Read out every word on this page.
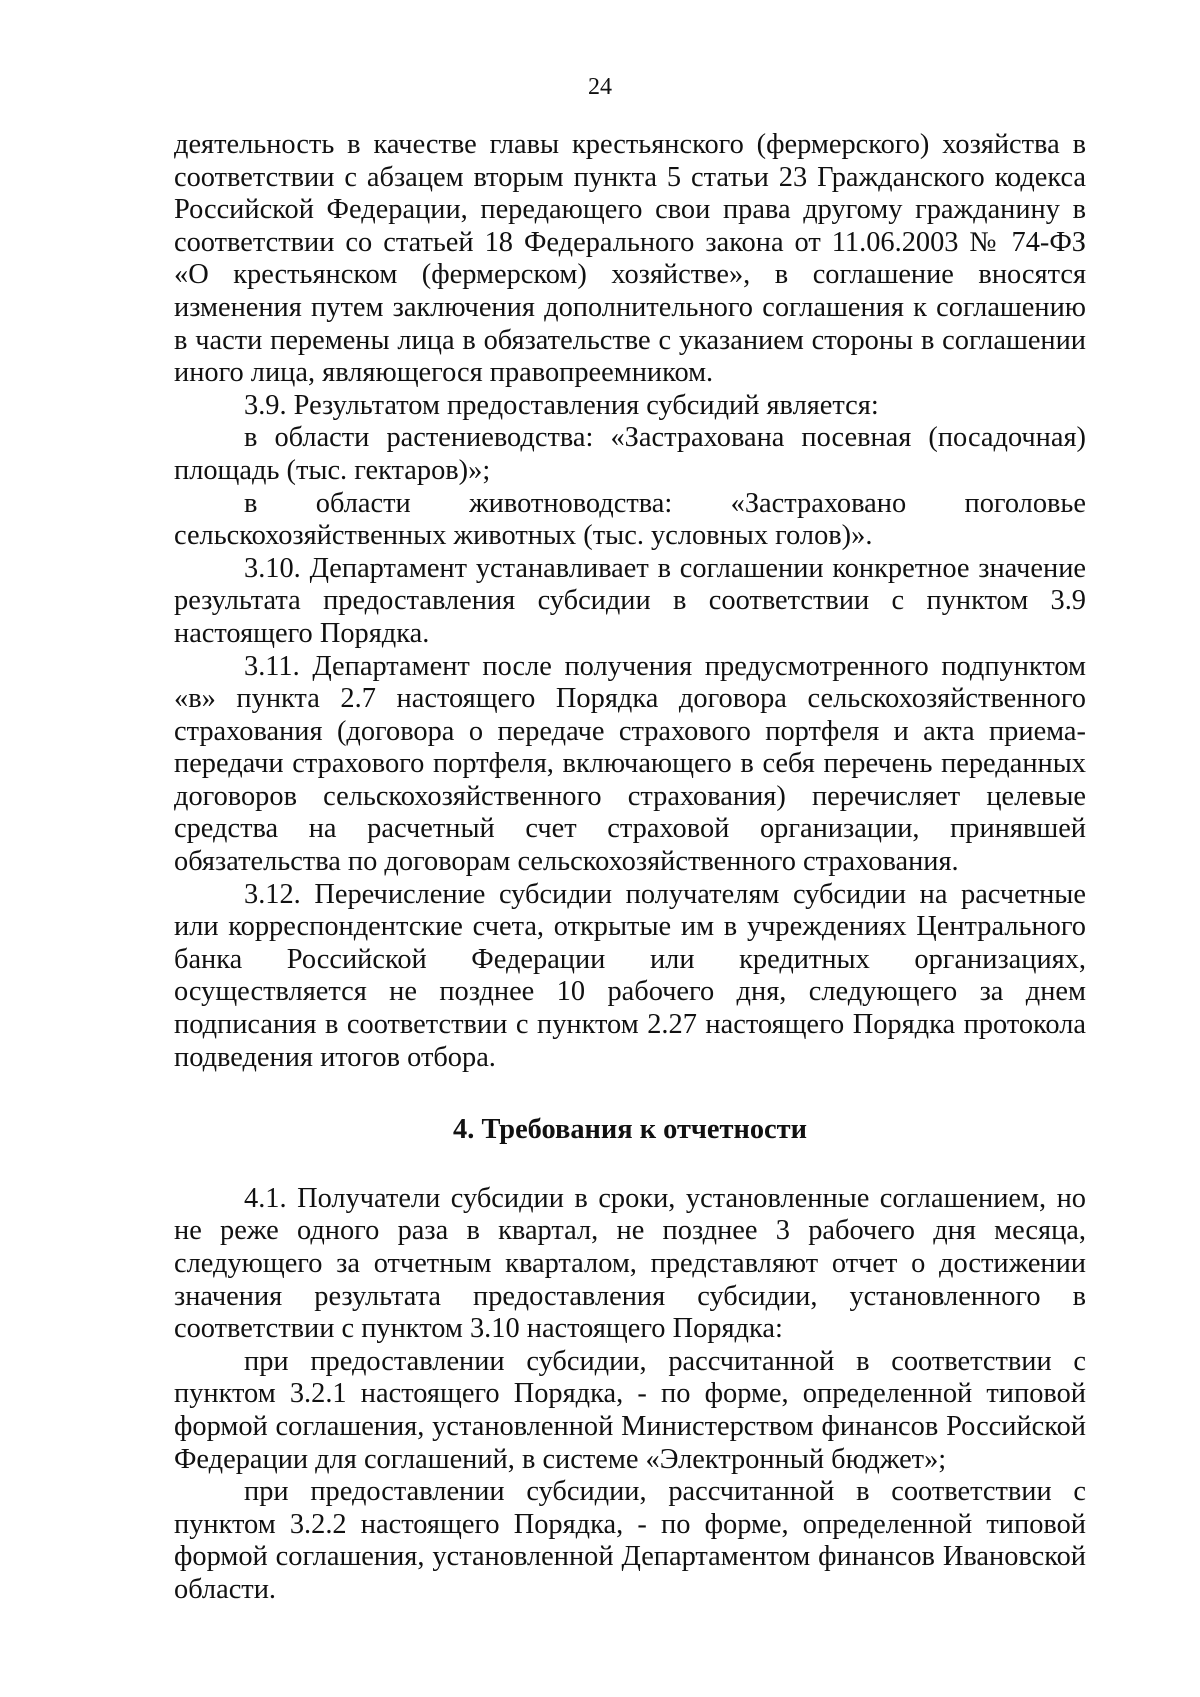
24

деятельность в качестве главы крестьянского (фермерского) хозяйства в соответствии с абзацем вторым пункта 5 статьи 23 Гражданского кодекса Российской Федерации, передающего свои права другому гражданину в соответствии со статьей 18 Федерального закона от 11.06.2003 № 74-ФЗ «О крестьянском (фермерском) хозяйстве», в соглашение вносятся изменения путем заключения дополнительного соглашения к соглашению в части перемены лица в обязательстве с указанием стороны в соглашении иного лица, являющегося правопреемником.

3.9. Результатом предоставления субсидий является:

в области растениеводства: «Застрахована посевная (посадочная) площадь (тыс. гектаров)»;

в области животноводства: «Застраховано поголовье сельскохозяйственных животных (тыс. условных голов)».

3.10. Департамент устанавливает в соглашении конкретное значение результата предоставления субсидии в соответствии с пунктом 3.9 настоящего Порядка.

3.11. Департамент после получения предусмотренного подпунктом «в» пункта 2.7 настоящего Порядка договора сельскохозяйственного страхования (договора о передаче страхового портфеля и акта приема-передачи страхового портфеля, включающего в себя перечень переданных договоров сельскохозяйственного страхования) перечисляет целевые средства на расчетный счет страховой организации, принявшей обязательства по договорам сельскохозяйственного страхования.

3.12. Перечисление субсидии получателям субсидии на расчетные или корреспондентские счета, открытые им в учреждениях Центрального банка Российской Федерации или кредитных организациях, осуществляется не позднее 10 рабочего дня, следующего за днем подписания в соответствии с пунктом 2.27 настоящего Порядка протокола подведения итогов отбора.

4. Требования к отчетности

4.1. Получатели субсидии в сроки, установленные соглашением, но не реже одного раза в квартал, не позднее 3 рабочего дня месяца, следующего за отчетным кварталом, представляют отчет о достижении значения результата предоставления субсидии, установленного в соответствии с пунктом 3.10 настоящего Порядка:

при предоставлении субсидии, рассчитанной в соответствии с пунктом 3.2.1 настоящего Порядка, - по форме, определенной типовой формой соглашения, установленной Министерством финансов Российской Федерации для соглашений, в системе «Электронный бюджет»;

при предоставлении субсидии, рассчитанной в соответствии с пунктом 3.2.2 настоящего Порядка, - по форме, определенной типовой формой соглашения, установленной Департаментом финансов Ивановской области.
